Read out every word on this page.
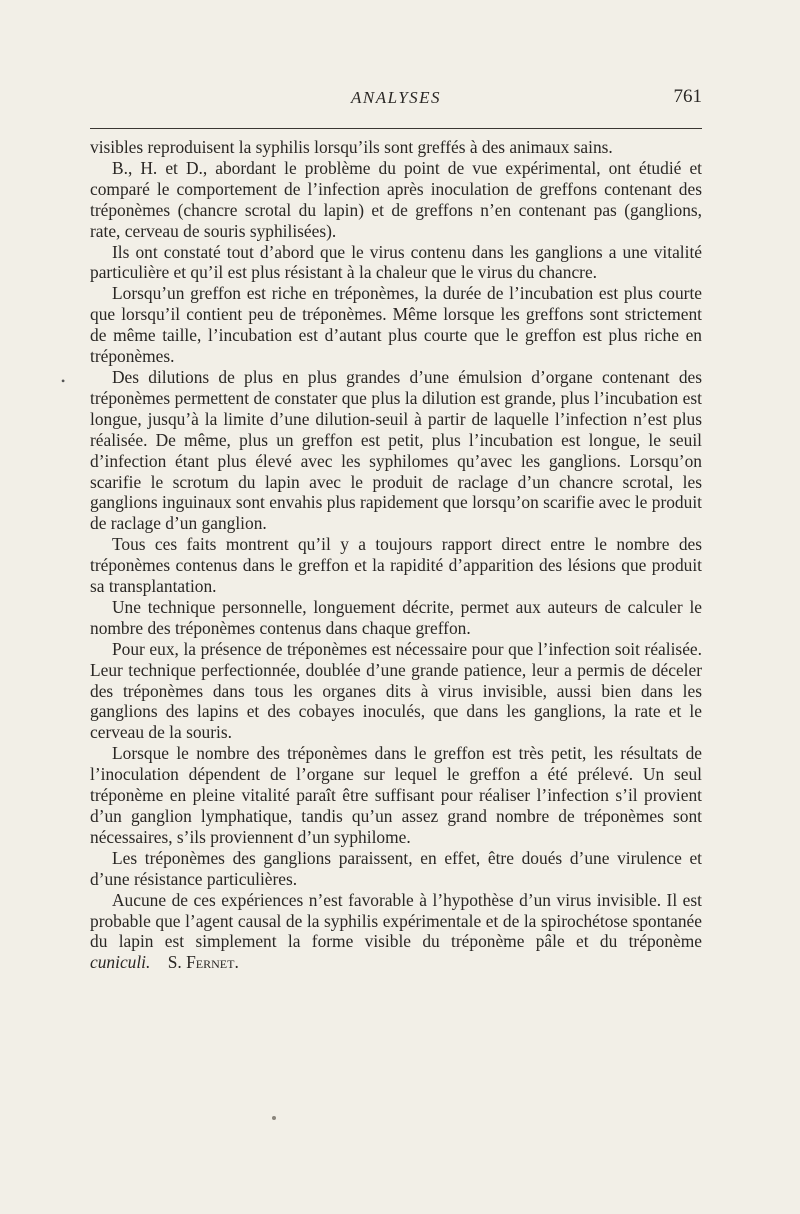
ANALYSES	761
•

visibles reproduisent la syphilis lorsqu’ils sont greffés à des animaux sains.

B., H. et D., abordant le problème du point de vue expérimental, ont étudié et comparé le comportement de l’infection après inoculation de greffons contenant des tréponèmes (chancre scrotal du lapin) et de greffons n’en contenant pas (ganglions, rate, cerveau de souris syphilisées).

Ils ont constaté tout d’abord que le virus contenu dans les ganglions a une vitalité particulière et qu’il est plus résistant à la chaleur que le virus du chancre.

Lorsqu’un greffon est riche en tréponèmes, la durée de l’incubation est plus courte que lorsqu’il contient peu de tréponèmes. Même lorsque les greffons sont strictement de même taille, l’incubation est d’autant plus courte que le greffon est plus riche en tréponèmes.

Des dilutions de plus en plus grandes d’une émulsion d’organe contenant des tréponèmes permettent de constater que plus la dilution est grande, plus l’incubation est longue, jusqu’à la limite d’une dilution-seuil à partir de laquelle l’infection n’est plus réalisée. De même, plus un greffon est petit, plus l’incubation est longue, le seuil d’infection étant plus élevé avec les syphilomes qu’avec les ganglions. Lorsqu’on scarifie le scrotum du lapin avec le produit de raclage d’un chancre scrotal, les ganglions inguinaux sont envahis plus rapidement que lorsqu’on scarifie avec le produit de raclage d’un ganglion.

Tous ces faits montrent qu’il y a toujours rapport direct entre le nombre des tréponèmes contenus dans le greffon et la rapidité d’apparition des lésions que produit sa transplantation.

Une technique personnelle, longuement décrite, permet aux auteurs de calculer le nombre des tréponèmes contenus dans chaque greffon.

Pour eux, la présence de tréponèmes est nécessaire pour que l’infection soit réalisée. Leur technique perfectionnée, doublée d’une grande patience, leur a permis de déceler des tréponèmes dans tous les organes dits à virus invisible, aussi bien dans les ganglions des lapins et des cobayes inoculés, que dans les ganglions, la rate et le cerveau de la souris.

Lorsque le nombre des tréponèmes dans le greffon est très petit, les résultats de l’inoculation dépendent de l’organe sur lequel le greffon a été prélevé. Un seul tréponème en pleine vitalité paraît être suffisant pour réaliser l’infection s’il provient d’un ganglion lymphatique, tandis qu’un assez grand nombre de tréponèmes sont nécessaires, s’ils proviennent d’un syphilome.

Les tréponèmes des ganglions paraissent, en effet, être doués d’une virulence et d’une résistance particulières.

Aucune de ces expériences n’est favorable à l’hypothèse d’un virus invisible. Il est probable que l’agent causal de la syphilis expérimentale et de la spirochétose spontanée du lapin est simplement la forme visible du tréponème pâle et du tréponème cuniculi. S. Fernet.
